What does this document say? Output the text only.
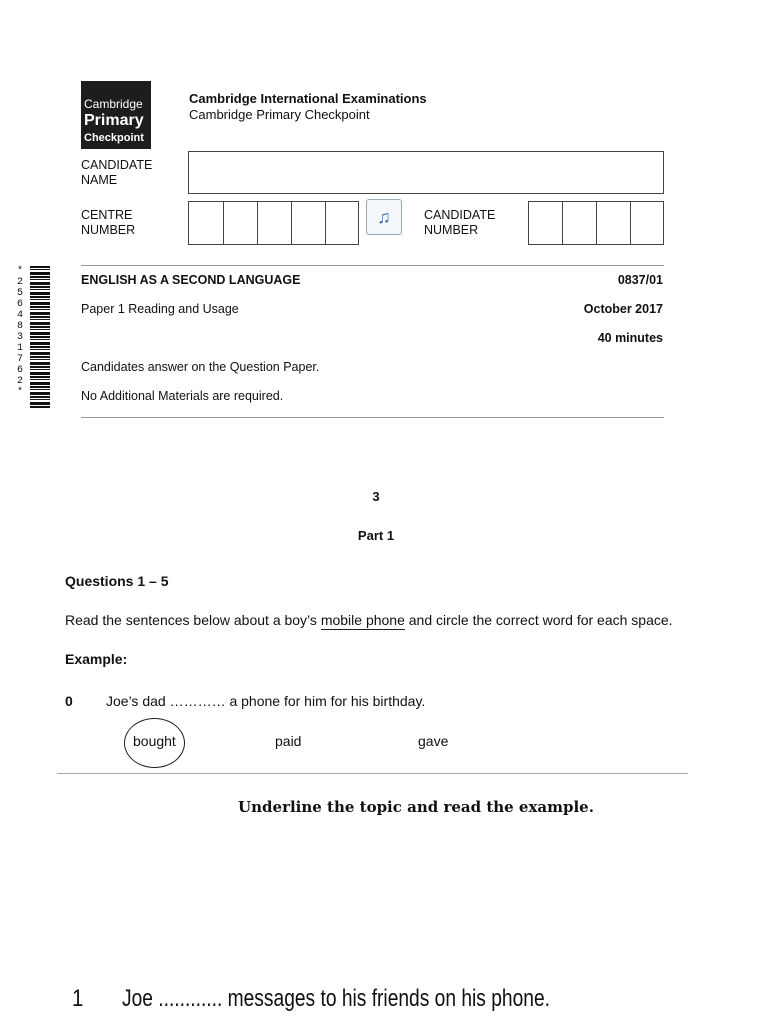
Cambridge
Primary
Checkpoint
Cambridge International Examinations
Cambridge Primary Checkpoint
CANDIDATE
NAME
CENTRE
NUMBER
♫	CANDIDATE
NUMBER
*
2
5
6
4
8
3
1
7
6
2
*
ENGLISH AS A SECOND LANGUAGE	0837/01
Paper 1 Reading and Usage	October 2017
40 minutes
Candidates answer on the Question Paper.
No Additional Materials are required.
3
Part 1
Questions 1 – 5
Read the sentences below about a boy’s mobile phone and circle the correct word for each space.
Example:
0 Joe’s dad ………… a phone for him for his birthday.
bought	paid	gave
Underline the topic and read the example.
1 Joe ............ messages to his friends on his phone.
